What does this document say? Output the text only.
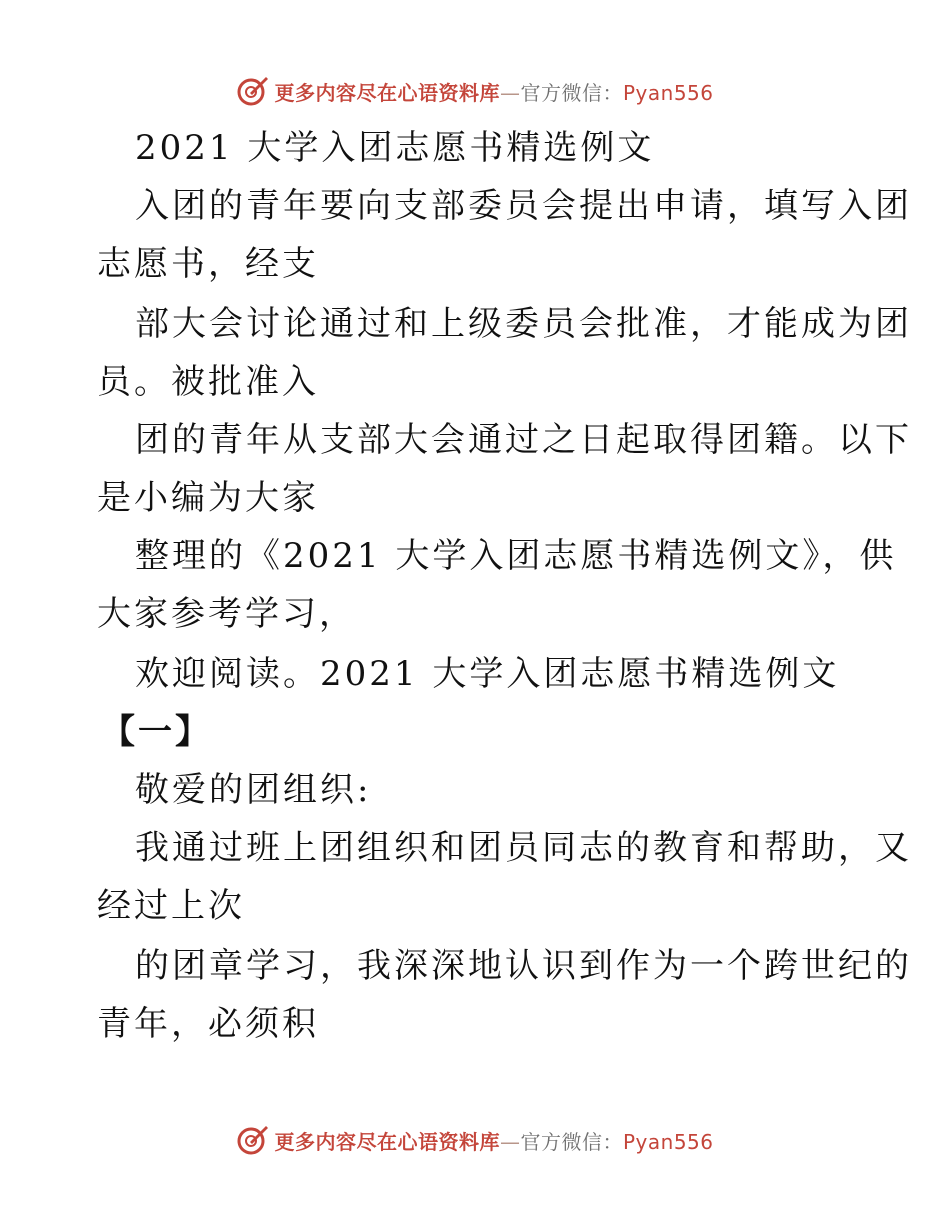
更多内容尽在心语资料库—官方微信：Pyan556
2021 大学入团志愿书精选例文
入团的青年要向支部委员会提出申请，填写入团
志愿书，经支
部大会讨论通过和上级委员会批准，才能成为团
员。被批准入
团的青年从支部大会通过之日起取得团籍。以下
是小编为大家
整理的《2021 大学入团志愿书精选例文》，供
大家参考学习，
欢迎阅读。2021 大学入团志愿书精选例文
【一】
敬爱的团组织:
我通过班上团组织和团员同志的教育和帮助，又
经过上次
的团章学习，我深深地认识到作为一个跨世纪的
青年，必须积
更多内容尽在心语资料库—官方微信：Pyan556
